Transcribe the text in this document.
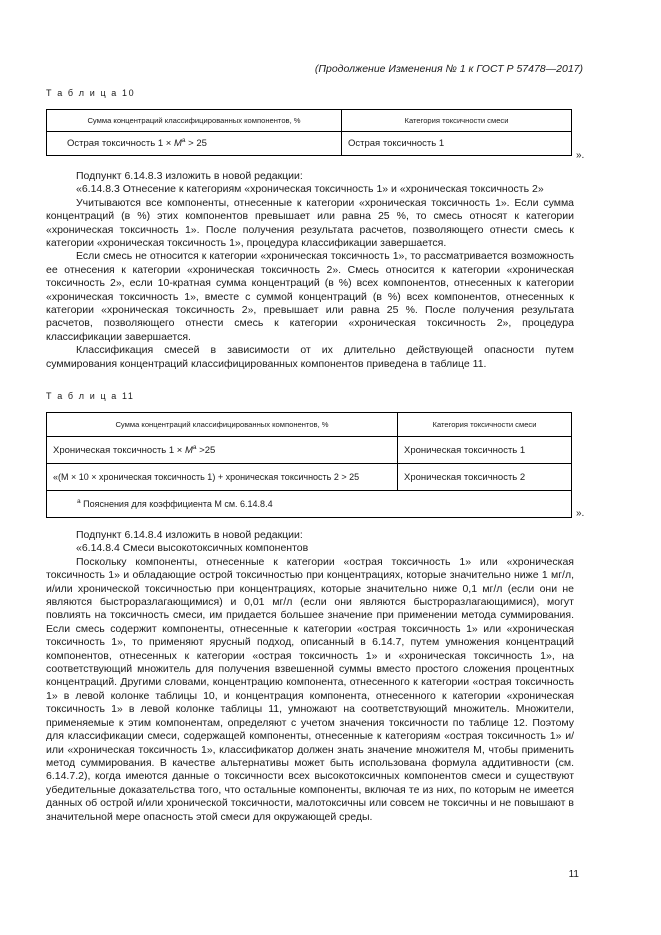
(Продолжение Изменения № 1 к ГОСТ Р 57478—2017)
Т а б л и ц а 10
Сумма концентраций классифицированных компонентов, %	Категория токсичности смеси
Острая токсичность $1 \times M^a > 25$	Острая токсичность 1
».

Подпункт 6.14.8.3 изложить в новой редакции:

«6.14.8.3 Отнесение к категориям «хроническая токсичность 1» и «хроническая токсичность 2»

Учитываются все компоненты, отнесенные к категории «хроническая токсичность 1». Если сумма концентраций (в %) этих компонентов превышает или равна 25 %, то смесь относят к категории «хроническая токсичность 1». После получения результата расчетов, позволяющего отнести смесь к категории «хроническая токсичность 1», процедура классификации завершается.

Если смесь не относится к категории «хроническая токсичность 1», то рассматривается возможность ее отнесения к категории «хроническая токсичность 2». Смесь относится к категории «хроническая токсичность 2», если 10-кратная сумма концентраций (в %) всех компонентов, отнесенных к категории «хроническая токсичность 1», вместе с суммой концентраций (в %) всех компонентов, отнесенных к категории «хроническая токсичность 2», превышает или равна 25 %. После получения результата расчетов, позволяющего отнести смесь к категории «хроническая токсичность 2», процедура классификации завершается.

Классификация смесей в зависимости от их длительно действующей опасности путем суммирования концентраций классифицированных компонентов приведена в таблице 11.

Т а б л и ц а 11
Сумма концентраций классифицированных компонентов, %	Категория токсичности смеси
Хроническая токсичность $1 \times M^a >25$	Хроническая токсичность 1
«(M × 10 × хроническая токсичность 1) + хроническая токсичность 2 > 25	Хроническая токсичность 2
$^а$ Пояснения для коэффициента М см. 6.14.8.4	
».

Подпункт 6.14.8.4 изложить в новой редакции:

«6.14.8.4 Смеси высокотоксичных компонентов

Поскольку компоненты, отнесенные к категории «острая токсичность 1» или «хроническая токсичность 1» и обладающие острой токсичностью при концентрациях, которые значительно ниже 1 мг/л, и/или хронической токсичностью при концентрациях, которые значительно ниже 0,1 мг/л (если они не являются быстроразлагающимися) и 0,01 мг/л (если они являются быстроразлагающимися), могут повлиять на токсичность смеси, им придается большее значение при применении метода суммирования. Если смесь содержит компоненты, отнесенные к категории «острая токсичность 1» или «хроническая токсичность 1», то применяют ярусный подход, описанный в 6.14.7, путем умножения концентраций компонентов, отнесенных к категории «острая токсичность 1» и «хроническая токсичность 1», на соответствующий множитель для получения взвешенной суммы вместо простого сложения процентных концентраций. Другими словами, концентрацию компонента, отнесенного к категории «острая токсичность 1» в левой колонке таблицы 10, и концентрация компонента, отнесенного к категории «хроническая токсичность 1» в левой колонке таблицы 11, умножают на соответствующий множитель. Множители, применяемые к этим компонентам, определяют с учетом значения токсичности по таблице 12. Поэтому для классификации смеси, содержащей компоненты, отнесенные к категориям «острая токсичность 1» и/или «хроническая токсичность 1», классификатор должен знать значение множителя М, чтобы применить метод суммирования. В качестве альтернативы может быть использована формула аддитивности (см. 6.14.7.2), когда имеются данные о токсичности всех высокотоксичных компонентов смеси и существуют убедительные доказательства того, что остальные компоненты, включая те из них, по которым не имеется данных об острой и/или хронической токсичности, малотоксичны или совсем не токсичны и не повышают в значительной мере опасность этой смеси для окружающей среды.

11
